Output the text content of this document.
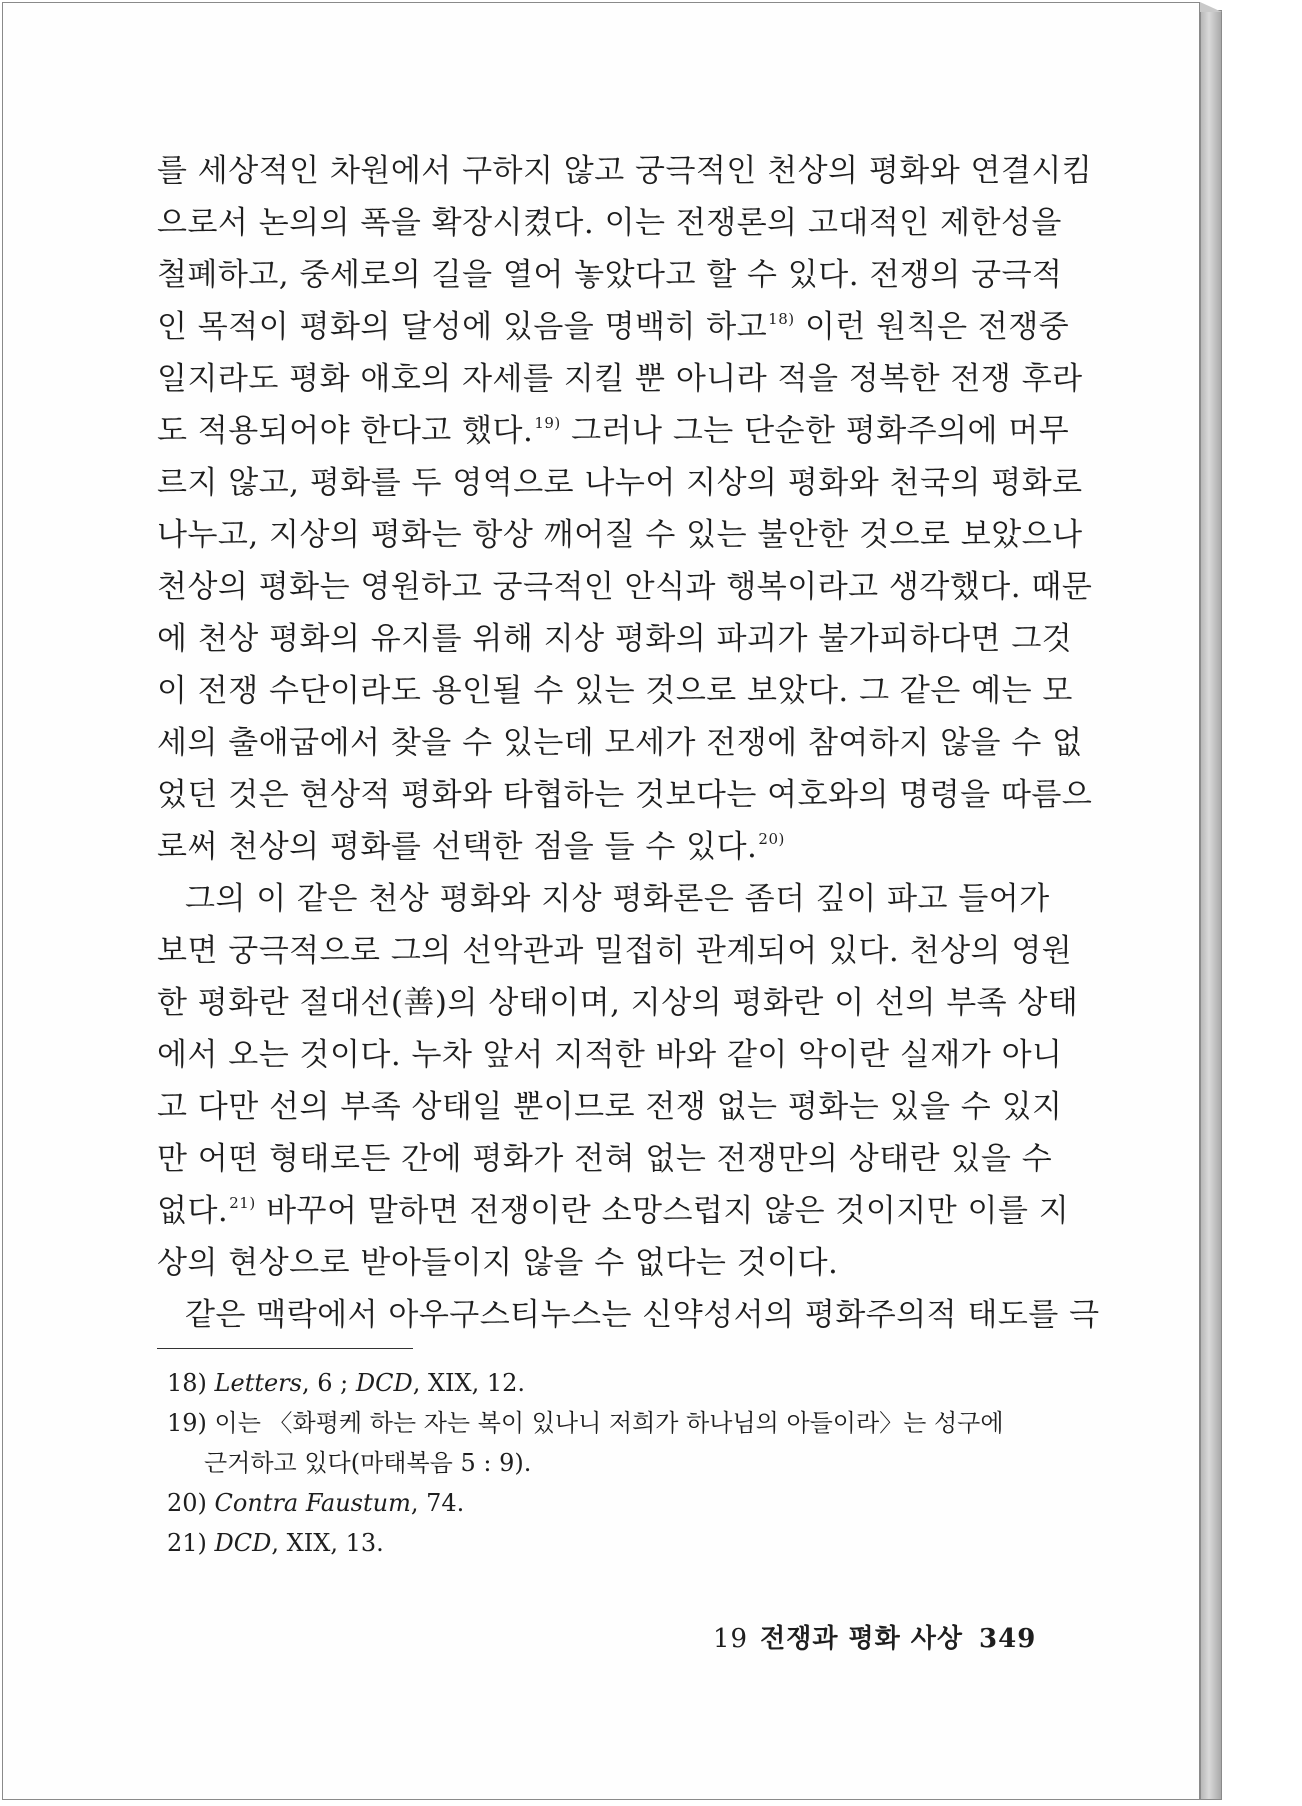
를 세상적인 차원에서 구하지 않고 궁극적인 천상의 평화와 연결시킴
으로서 논의의 폭을 확장시켰다. 이는 전쟁론의 고대적인 제한성을
철폐하고, 중세로의 길을 열어 놓았다고 할 수 있다. 전쟁의 궁극적
인 목적이 평화의 달성에 있음을 명백히 하고$^{18)}$ 이런 원칙은 전쟁중
일지라도 평화 애호의 자세를 지킬 뿐 아니라 적을 정복한 전쟁 후라
도 적용되어야 한다고 했다.$^{19)}$ 그러나 그는 단순한 평화주의에 머무
르지 않고, 평화를 두 영역으로 나누어 지상의 평화와 천국의 평화로
나누고, 지상의 평화는 항상 깨어질 수 있는 불안한 것으로 보았으나
천상의 평화는 영원하고 궁극적인 안식과 행복이라고 생각했다. 때문
에 천상 평화의 유지를 위해 지상 평화의 파괴가 불가피하다면 그것
이 전쟁 수단이라도 용인될 수 있는 것으로 보았다. 그 같은 예는 모
세의 출애굽에서 찾을 수 있는데 모세가 전쟁에 참여하지 않을 수 없
었던 것은 현상적 평화와 타협하는 것보다는 여호와의 명령을 따름으
로써 천상의 평화를 선택한 점을 들 수 있다.$^{20)}$
그의 이 같은 천상 평화와 지상 평화론은 좀더 깊이 파고 들어가
보면 궁극적으로 그의 선악관과 밀접히 관계되어 있다. 천상의 영원
한 평화란 절대선(善)의 상태이며, 지상의 평화란 이 선의 부족 상태
에서 오는 것이다. 누차 앞서 지적한 바와 같이 악이란 실재가 아니
고 다만 선의 부족 상태일 뿐이므로 전쟁 없는 평화는 있을 수 있지
만 어떤 형태로든 간에 평화가 전혀 없는 전쟁만의 상태란 있을 수
없다.$^{21)}$ 바꾸어 말하면 전쟁이란 소망스럽지 않은 것이지만 이를 지
상의 현상으로 받아들이지 않을 수 없다는 것이다.
같은 맥락에서 아우구스티누스는 신약성서의 평화주의적 태도를 극
18) Letters, 6 ; DCD, XIX, 12.
19) 이는 〈화평케 하는 자는 복이 있나니 저희가 하나님의 아들이라〉는 성구에
근거하고 있다(마태복음 5 : 9).
20) Contra Faustum, 74.
21) DCD, XIX, 13.
19 전쟁과 평화 사상 349
